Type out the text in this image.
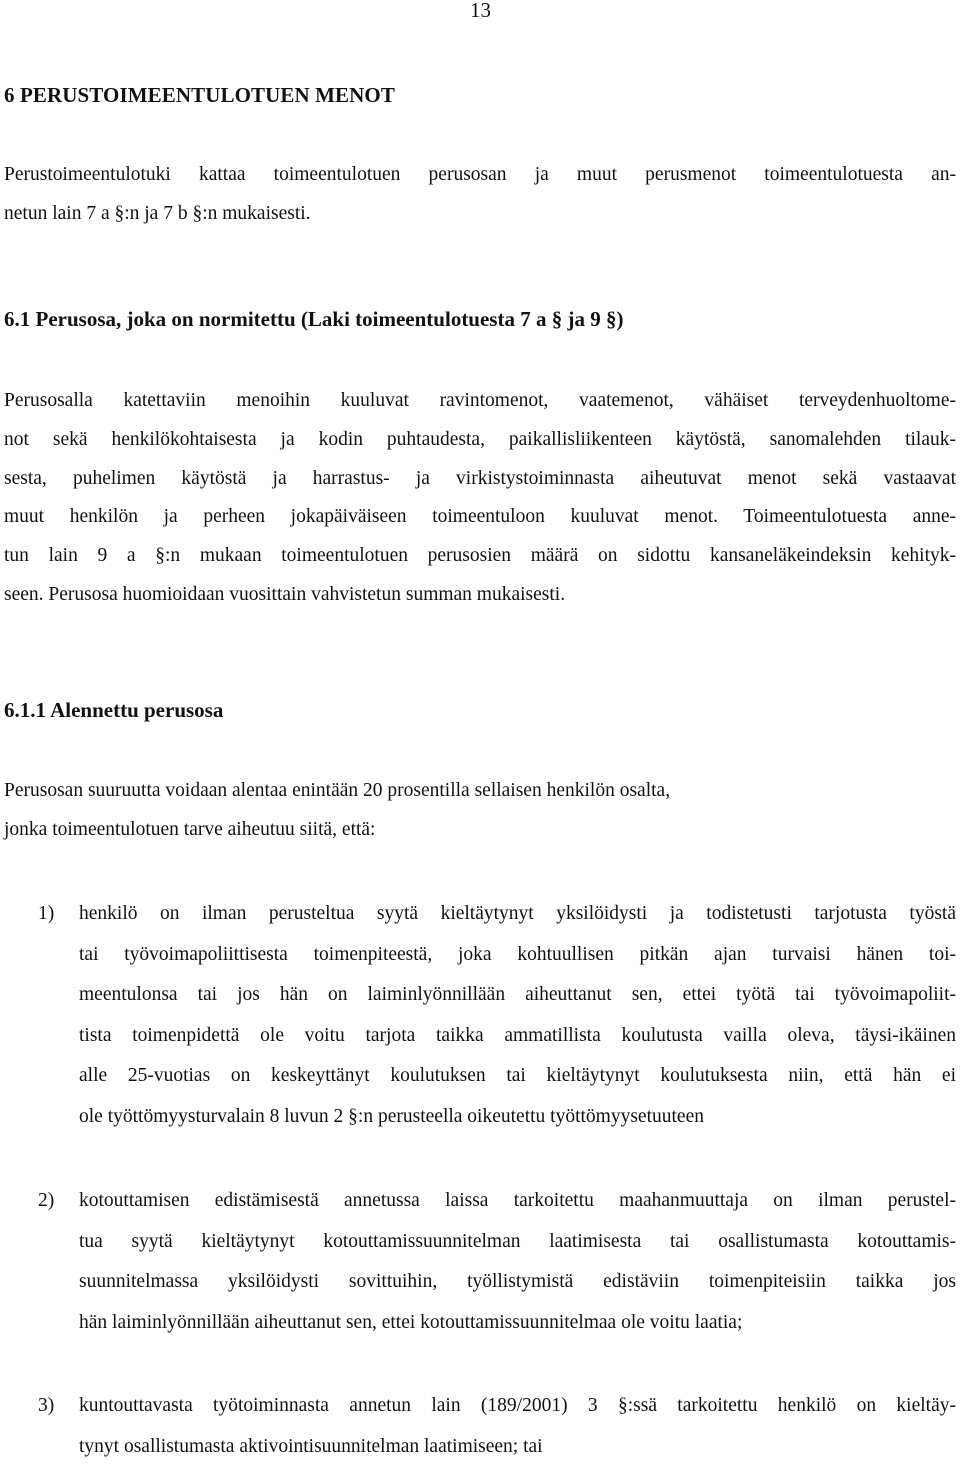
13
6 PERUSTOIMEENTULOTUEN MENOT

Perustoimeentulotuki kattaa toimeentulotuen perusosan ja muut perusmenot toimeentulotuesta an-
netun lain 7 a §:n ja 7 b §:n mukaisesti.

6.1 Perusosa, joka on normitettu (Laki toimeentulotuesta 7 a § ja 9 §)

Perusosalla katettaviin menoihin kuuluvat ravintomenot, vaatemenot, vähäiset terveydenhuoltome-
not sekä henkilökohtaisesta ja kodin puhtaudesta, paikallisliikenteen käytöstä, sanomalehden tilauk-
sesta, puhelimen käytöstä ja harrastus- ja virkistystoiminnasta aiheutuvat menot sekä vastaavat
muut henkilön ja perheen jokapäiväiseen toimeentuloon kuuluvat menot. Toimeentulotuesta anne-
tun lain 9 a §:n mukaan toimeentulotuen perusosien määrä on sidottu kansaneläkeindeksin kehityk-
seen. Perusosa huomioidaan vuosittain vahvistetun summan mukaisesti.

6.1.1 Alennettu perusosa

Perusosan suuruutta voidaan alentaa enintään 20 prosentilla sellaisen henkilön osalta,
jonka toimeentulotuen tarve aiheutuu siitä, että:

1) henkilö on ilman perusteltua syytä kieltäytynyt yksilöidysti ja todistetusti tarjotusta työstä
tai työvoimapoliittisesta toimenpiteestä, joka kohtuullisen pitkän ajan turvaisi hänen toi-
meentulonsa tai jos hän on laiminlyönnillään aiheuttanut sen, ettei työtä tai työvoimapoliit-
tista toimenpidettä ole voitu tarjota taikka ammatillista koulutusta vailla oleva, täysi-ikäinen
alle 25-vuotias on keskeyttänyt koulutuksen tai kieltäytynyt koulutuksesta niin, että hän ei
ole työttömyysturvalain 8 luvun 2 §:n perusteella oikeutettu työttömyysetuuteen

2) kotouttamisen edistämisestä annetussa laissa tarkoitettu maahanmuuttaja on ilman perustel-
tua syytä kieltäytynyt kotouttamissuunnitelman laatimisesta tai osallistumasta kotouttamis-
suunnitelmassa yksilöidysti sovittuihin, työllistymistä edistäviin toimenpiteisiin taikka jos
hän laiminlyönnillään aiheuttanut sen, ettei kotouttamissuunnitelmaa ole voitu laatia;

3) kuntouttavasta työtoiminnasta annetun lain (189/2001) 3 §:ssä tarkoitettu henkilö on kieltäy-
tynyt osallistumasta aktivointisuunnitelman laatimiseen; tai
